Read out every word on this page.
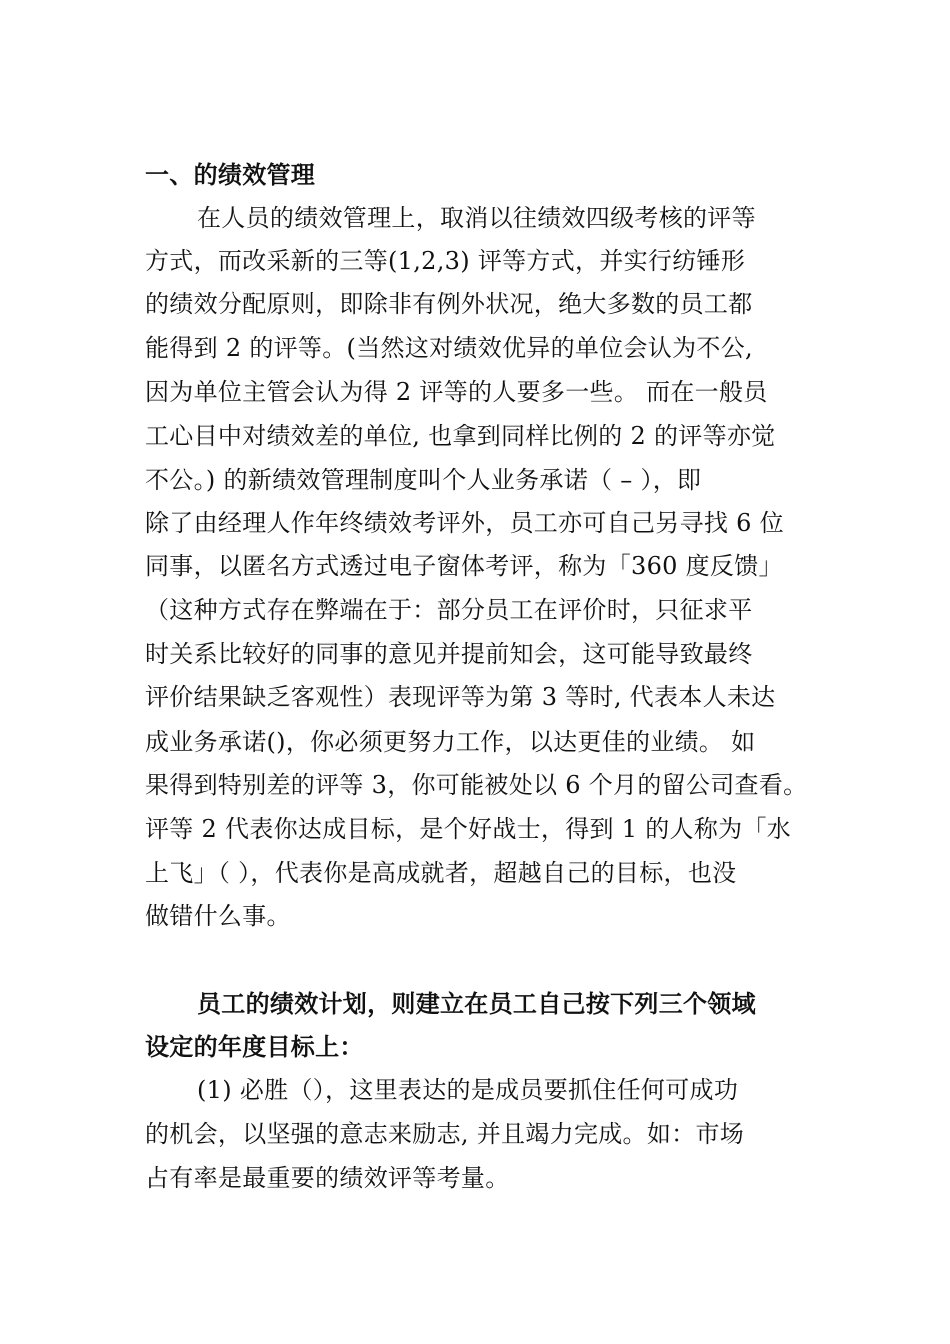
一、的绩效管理
在人员的绩效管理上，取消以往绩效四级考核的评等
方式，而改采新的三等(1,2,3) 评等方式，并实行纺锤形
的绩效分配原则，即除非有例外状况，绝大多数的员工都
能得到 2 的评等。(当然这对绩效优异的单位会认为不公,
因为单位主管会认为得 2 评等的人要多一些。 而在一般员
工心目中对绩效差的单位, 也拿到同样比例的 2 的评等亦觉
不公。) 的新绩效管理制度叫个人业务承诺（ – ），即
除了由经理人作年终绩效考评外，员工亦可自己另寻找 6 位
同事，以匿名方式透过电子窗体考评，称为「360 度反馈」
（这种方式存在弊端在于：部分员工在评价时，只征求平
时关系比较好的同事的意见并提前知会，这可能导致最终
评价结果缺乏客观性）表现评等为第 3 等时, 代表本人未达
成业务承诺()，你必须更努力工作，以达更佳的业绩。 如
果得到特别差的评等 3，你可能被处以 6 个月的留公司查看。
评等 2 代表你达成目标，是个好战士，得到 1 的人称为「水
上飞」（ ），代表你是高成就者，超越自己的目标，也没
做错什么事。
员工的绩效计划，则建立在员工自己按下列三个领域
设定的年度目标上：
(1) 必胜（），这里表达的是成员要抓住任何可成功
的机会，以坚强的意志来励志, 并且竭力完成。如：市场
占有率是最重要的绩效评等考量。
